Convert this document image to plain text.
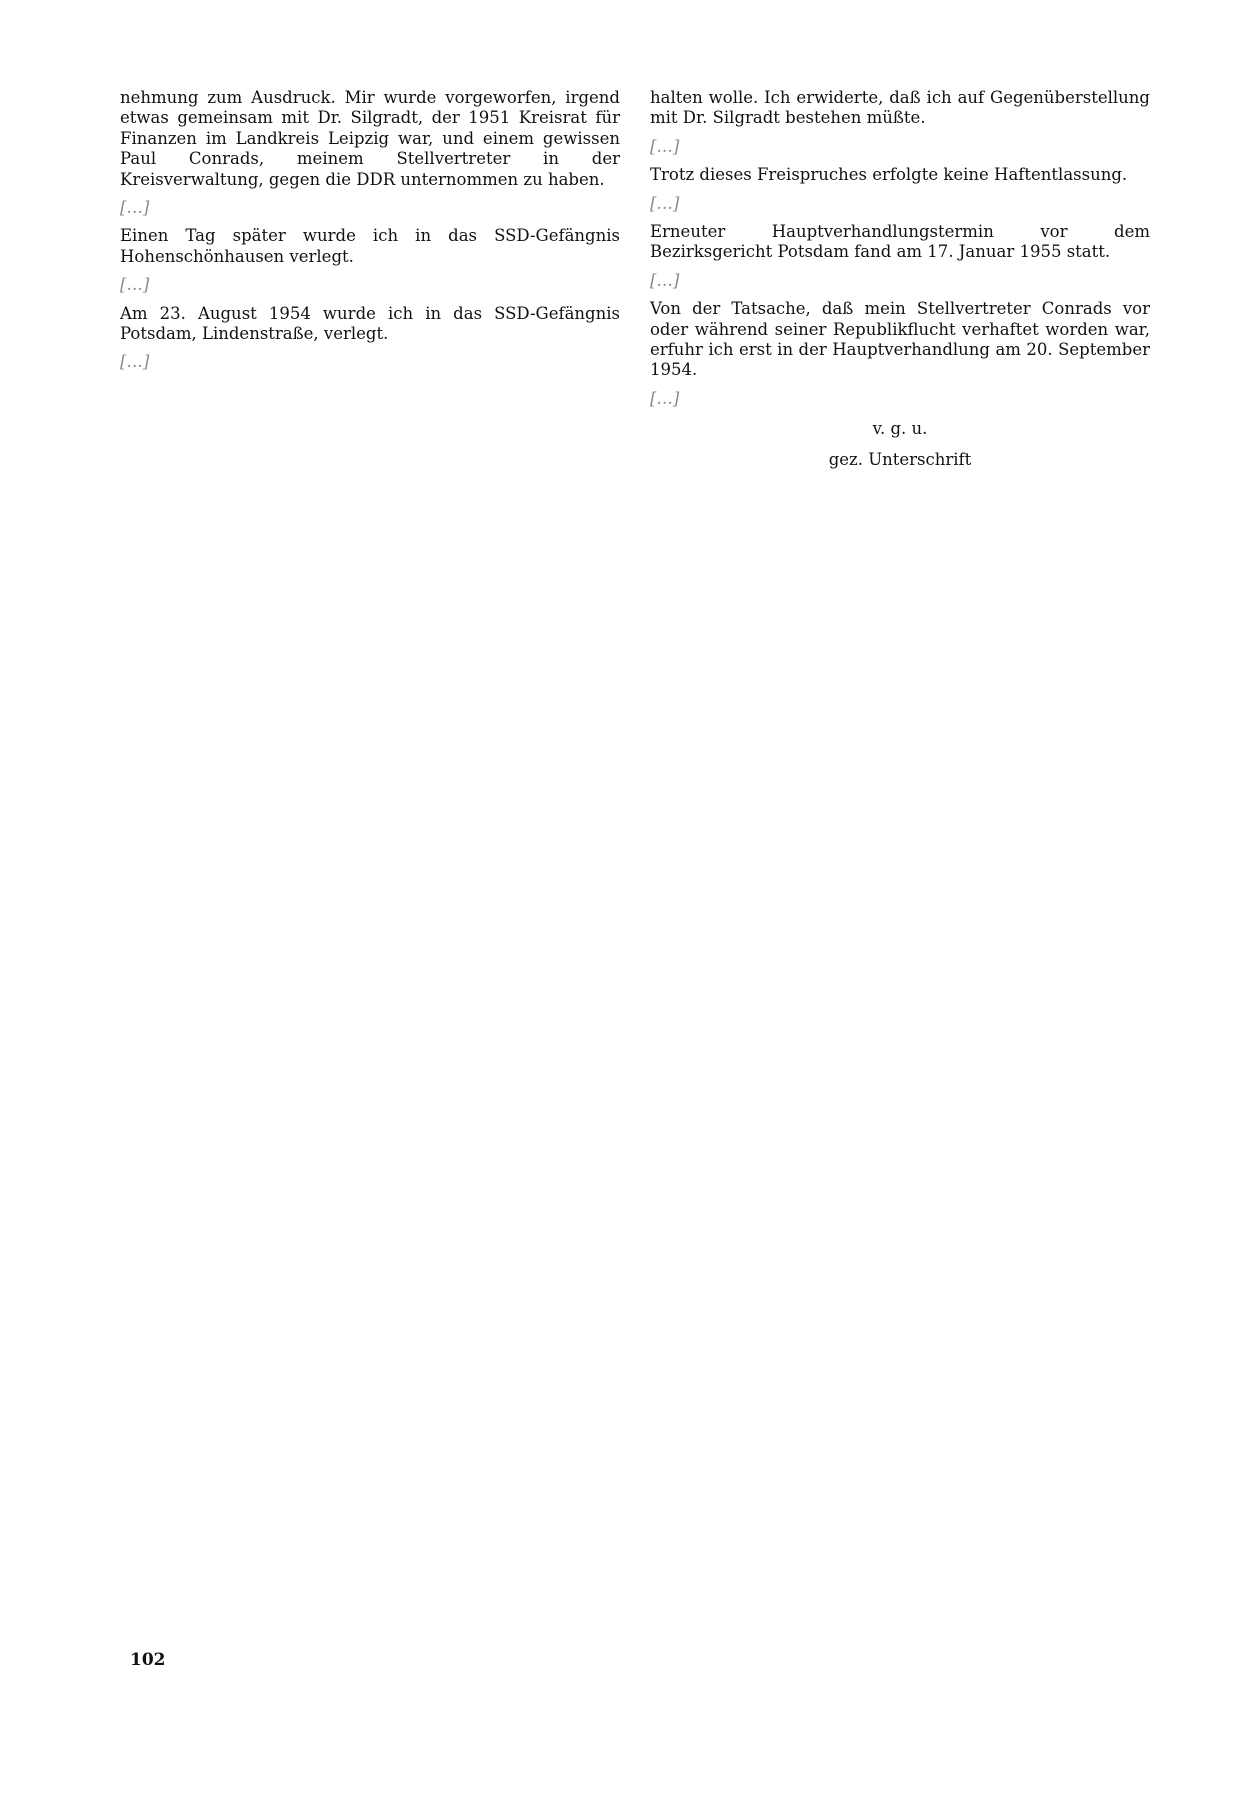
nehmung zum Ausdruck. Mir wurde vorgeworfen, irgend etwas gemeinsam mit Dr. Silgradt, der 1951 Kreisrat für Finanzen im Landkreis Leipzig war, und einem gewissen Paul Conrads, meinem Stellvertreter in der Kreisverwaltung, gegen die DDR unternommen zu haben.

[…]

Einen Tag später wurde ich in das SSD-Gefängnis Hohenschönhausen verlegt.

[…]

Am 23. August 1954 wurde ich in das SSD-Gefängnis Potsdam, Lindenstraße, verlegt.

[…]

halten wolle. Ich erwiderte, daß ich auf Gegenüberstellung mit Dr. Silgradt bestehen müßte.

[…]

Trotz dieses Freispruches erfolgte keine Haftentlassung.

[…]

Erneuter Hauptverhandlungstermin vor dem Bezirksgericht Potsdam fand am 17. Januar 1955 statt.

[…]

Von der Tatsache, daß mein Stellvertreter Conrads vor oder während seiner Republikflucht verhaftet worden war, erfuhr ich erst in der Hauptverhandlung am 20. September 1954.

[…]

v. g. u.
gez. Unterschrift
102
